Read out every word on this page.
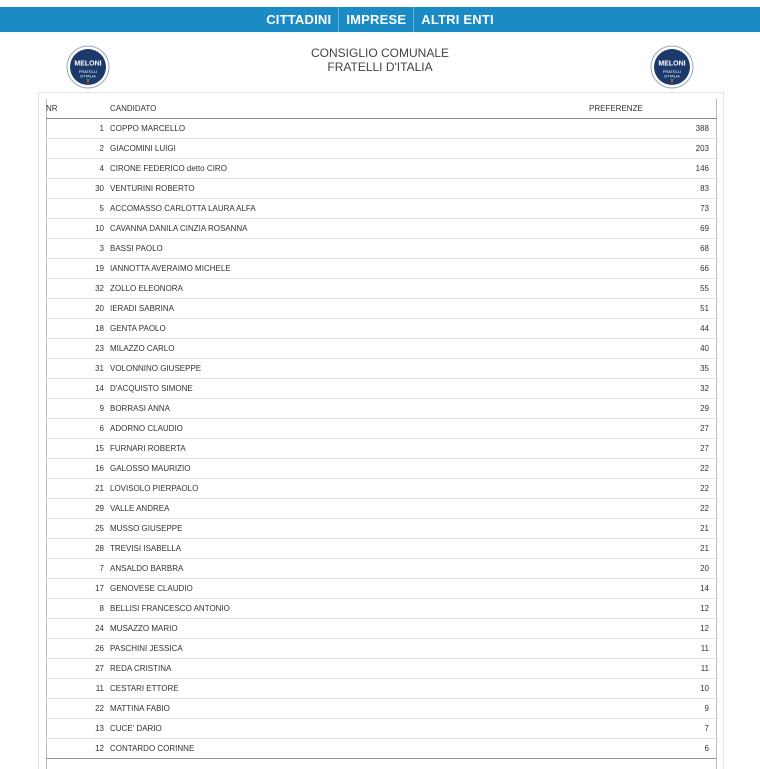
CITTADINI	IMPRESE	ALTRI ENTI
MELONI
FRATELLI
D'ITALIA
CONSIGLIO COMUNALE
FRATELLI D'ITALIA	MELONI
FRATELLI
D'ITALIA
NR	CANDIDATO	PREFERENZE
1	COPPO MARCELLO	388
2	GIACOMINI LUIGI	203
4	CIRONE FEDERICO detto CIRO	146
30	VENTURINI ROBERTO	83
5	ACCOMASSO CARLOTTA LAURA ALFA	73
10	CAVANNA DANILA CINZIA ROSANNA	69
3	BASSI PAOLO	68
19	IANNOTTA AVERAIMO MICHELE	66
32	ZOLLO ELEONORA	55
20	IERADI SABRINA	51
18	GENTA PAOLO	44
23	MILAZZO CARLO	40
31	VOLONNINO GIUSEPPE	35
14	D'ACQUISTO SIMONE	32
9	BORRASI ANNA	29
6	ADORNO CLAUDIO	27
15	FURNARI ROBERTA	27
16	GALOSSO MAURIZIO	22
21	LOVISOLO PIERPAOLO	22
29	VALLE ANDREA	22
25	MUSSO GIUSEPPE	21
28	TREVISI ISABELLA	21
7	ANSALDO BARBRA	20
17	GENOVESE CLAUDIO	14
8	BELLISI FRANCESCO ANTONIO	12
24	MUSAZZO MARIO	12
26	PASCHINI JESSICA	11
27	REDA CRISTINA	11
11	CESTARI ETTORE	10
22	MATTINA FABIO	9
13	CUCE' DARIO	7
12	CONTARDO CORINNE	6
